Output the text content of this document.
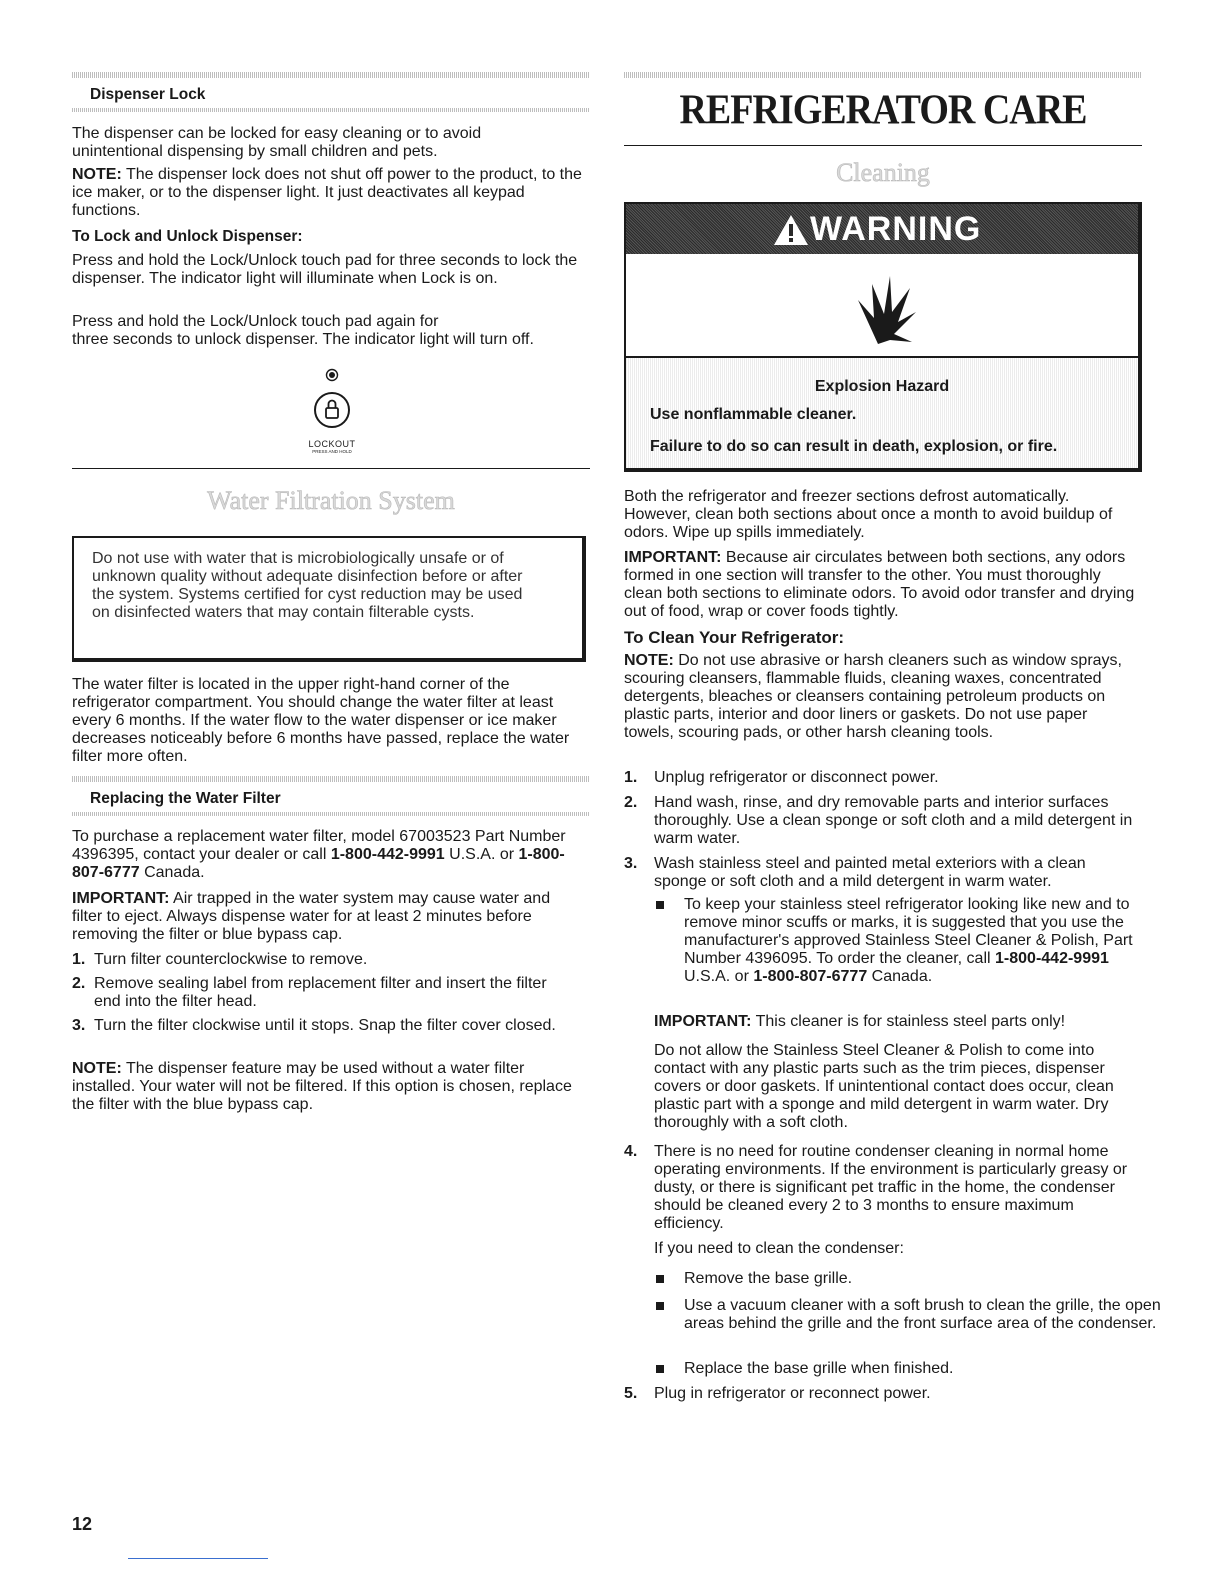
Dispenser Lock

The dispenser can be locked for easy cleaning or to avoid unintentional dispensing by small children and pets.

NOTE: The dispenser lock does not shut off power to the product, to the ice maker, or to the dispenser light. It just deactivates all keypad functions.

To Lock and Unlock Dispenser:

Press and hold the Lock/Unlock touch pad for three seconds to lock the dispenser. The indicator light will illuminate when Lock is on.

Press and hold the Lock/Unlock touch pad again for

three seconds to unlock dispenser. The indicator light will turn off.

LOCKOUT
PRESS AND HOLD
Water Filtration System

Do not use with water that is microbiologically unsafe or of unknown quality without adequate disinfection before or after the system. Systems certified for cyst reduction may be used on disinfected waters that may contain filterable cysts.

The water filter is located in the upper right-hand corner of the refrigerator compartment. You should change the water filter at least every 6 months. If the water flow to the water dispenser or ice maker decreases noticeably before 6 months have passed, replace the water filter more often.

Replacing the Water Filter

To purchase a replacement water filter, model 67003523 Part Number 4396395, contact your dealer or call 1-800-442-9991 U.S.A. or 1-800-807-6777 Canada.

IMPORTANT: Air trapped in the water system may cause water and filter to eject. Always dispense water for at least 2 minutes before removing the filter or blue bypass cap.

1. Turn filter counterclockwise to remove.
2. Remove sealing label from replacement filter and insert the filter end into the filter head.
3. Turn the filter clockwise until it stops. Snap the filter cover closed.

NOTE: The dispenser feature may be used without a water filter installed. Your water will not be filtered. If this option is chosen, replace the filter with the blue bypass cap.

12
REFRIGERATOR CARE
Cleaning
WARNING
Explosion Hazard
Use nonflammable cleaner.
Failure to do so can result in death, explosion, or fire.

Both the refrigerator and freezer sections defrost automatically. However, clean both sections about once a month to avoid buildup of odors. Wipe up spills immediately.

IMPORTANT: Because air circulates between both sections, any odors formed in one section will transfer to the other. You must thoroughly clean both sections to eliminate odors. To avoid odor transfer and drying out of food, wrap or cover foods tightly.

To Clean Your Refrigerator:

NOTE: Do not use abrasive or harsh cleaners such as window sprays, scouring cleansers, flammable fluids, cleaning waxes, concentrated detergents, bleaches or cleansers containing petroleum products on plastic parts, interior and door liners or gaskets. Do not use paper towels, scouring pads, or other harsh cleaning tools.

1. Unplug refrigerator or disconnect power.
2. Hand wash, rinse, and dry removable parts and interior surfaces thoroughly. Use a clean sponge or soft cloth and a mild detergent in warm water.
3. Wash stainless steel and painted metal exteriors with a clean sponge or soft cloth and a mild detergent in warm water.
To keep your stainless steel refrigerator looking like new and to remove minor scuffs or marks, it is suggested that you use the manufacturer's approved Stainless Steel Cleaner & Polish, Part Number 4396095. To order the cleaner, call 1-800-442-9991 U.S.A. or 1-800-807-6777 Canada.

IMPORTANT: This cleaner is for stainless steel parts only!

Do not allow the Stainless Steel Cleaner & Polish to come into contact with any plastic parts such as the trim pieces, dispenser covers or door gaskets. If unintentional contact does occur, clean plastic part with a sponge and mild detergent in warm water. Dry thoroughly with a soft cloth.

4. There is no need for routine condenser cleaning in normal home operating environments. If the environment is particularly greasy or dusty, or there is significant pet traffic in the home, the condenser should be cleaned every 2 to 3 months to ensure maximum efficiency.

If you need to clean the condenser:

Remove the base grille.
Use a vacuum cleaner with a soft brush to clean the grille, the open areas behind the grille and the front surface area of the condenser.
Replace the base grille when finished.
5. Plug in refrigerator or reconnect power.
